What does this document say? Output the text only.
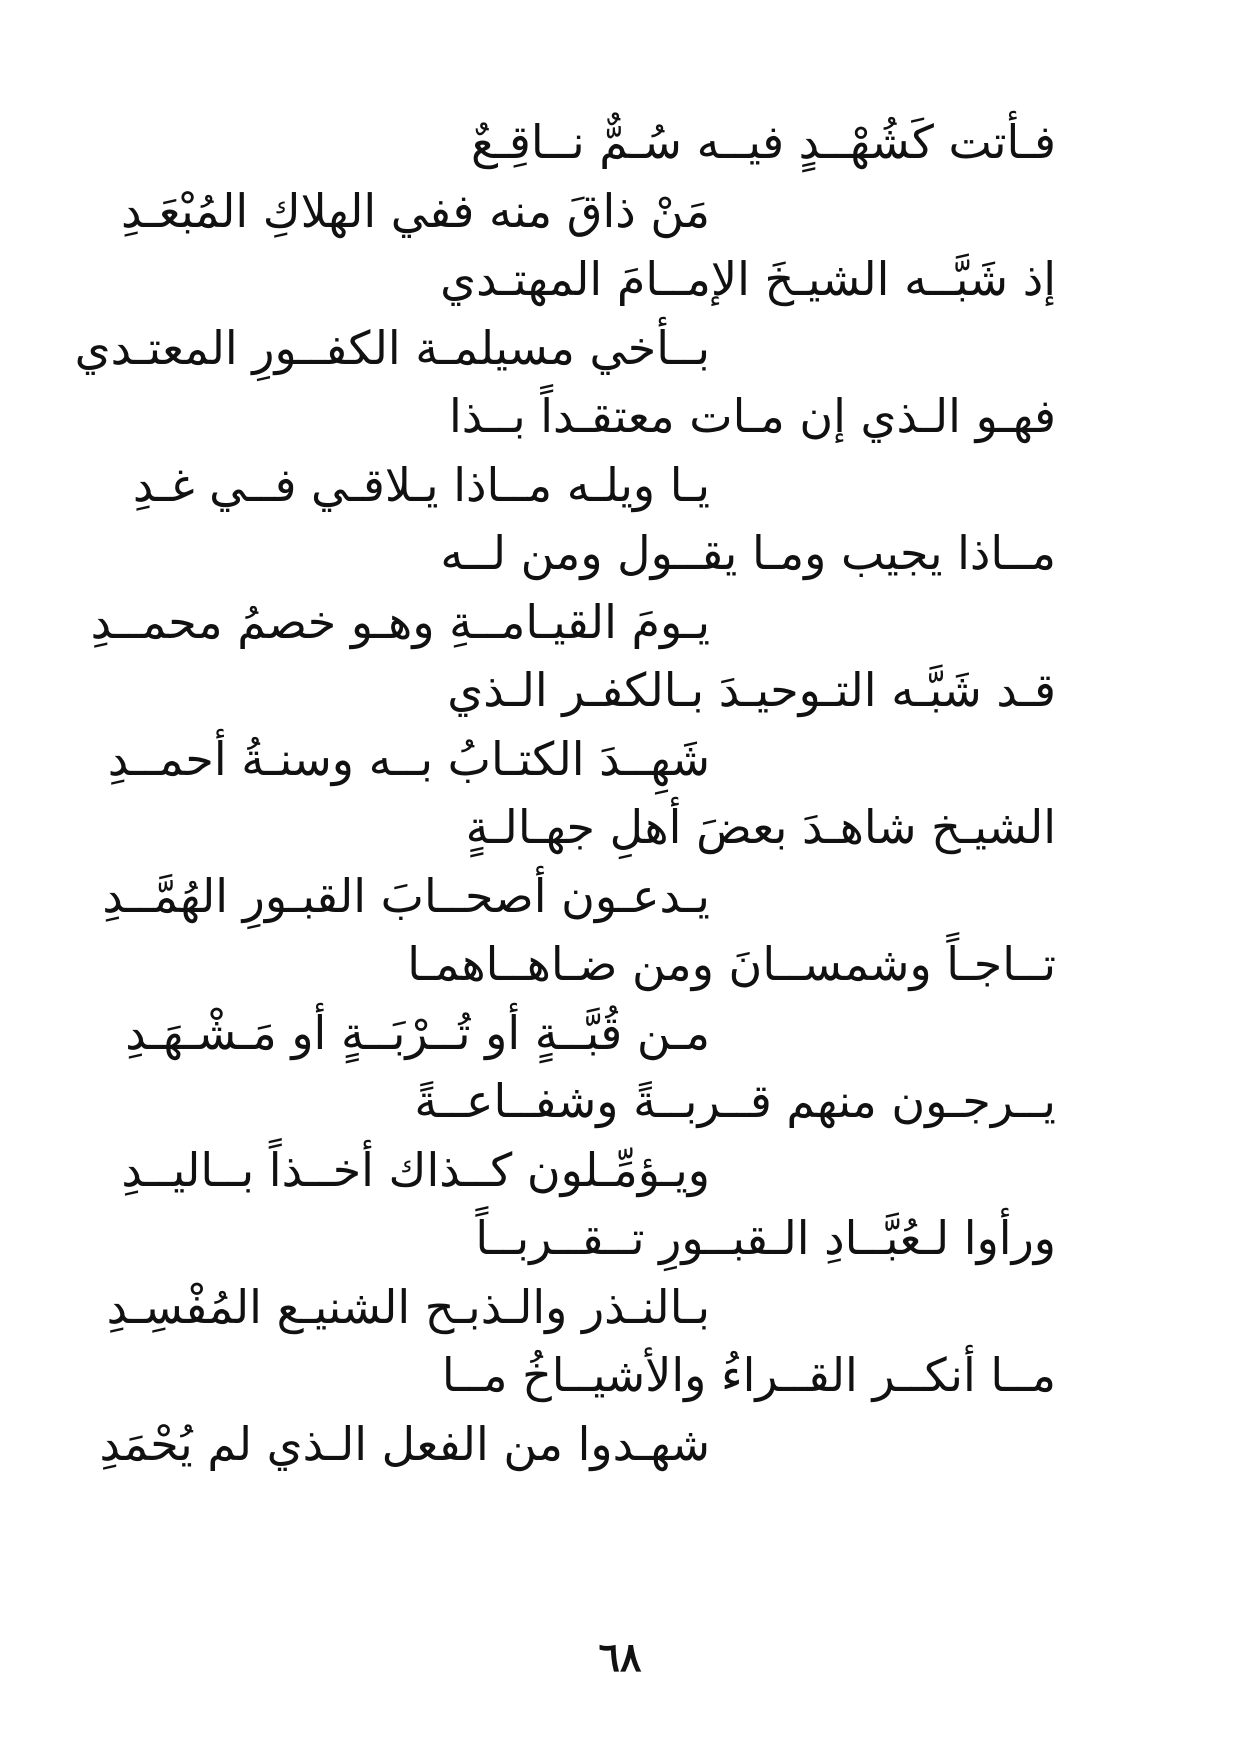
فـأتت كَشُهْــدٍ فيــه سُـمٌّ نــاقِـعٌ
مَنْ ذاقَ منه ففي الهلاكِ المُبْعَـدِ
إذ شَبَّــه الشيـخَ الإمــامَ المهتـدي
بــأخي مسيلمـة الكفــورِ المعتـدي
فهـو الـذي إن مـات معتقـداً بــذا
يـا ويلـه مــاذا يـلاقـي فــي غـدِ
مــاذا يجيب ومـا يقــول ومن لــه
يـومَ القيـامــةِ وهـو خصمُ محمــدِ
قـد شَبَّـه التـوحيـدَ بـالكفـر الـذي
شَهِــدَ الكتـابُ بــه وسنـةُ أحمــدِ
الشيـخ شاهـدَ بعضَ أهلِ جهـالـةٍ
يـدعـون أصحــابَ القبـورِ الهُمَّــدِ
تــاجـاً وشمســانَ ومن ضـاهــاهمـا
مـن قُبَّــةٍ أو تُــرْبَــةٍ أو مَـشْـهَـدِ
يــرجـون منهم قــربــةً وشفــاعــةً
ويـؤمِّـلون كــذاك أخــذاً بــاليــدِ
ورأوا لـعُبَّــادِ الـقبــورِ تــقــربــاً
بـالنـذر والـذبـح الشنيـع المُفْسِـدِ
مــا أنكــر القــراءُ والأشيــاخُ مــا
شهـدوا من الفعل الـذي لم يُحْمَدِ
٦٨
